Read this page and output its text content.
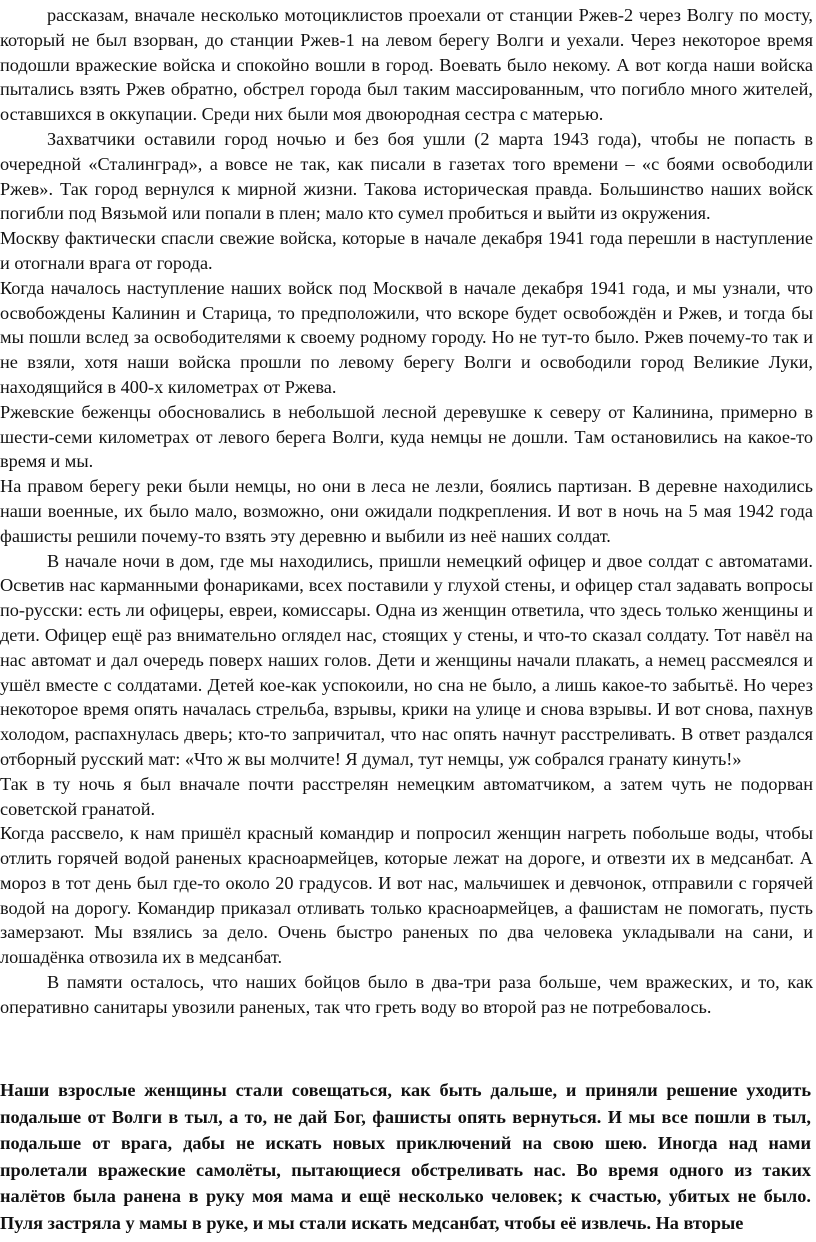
рассказам, вначале несколько мотоциклистов проехали от станции Ржев-2 через Волгу по мосту, который не был взорван, до станции Ржев-1 на левом берегу Волги и уехали. Через некоторое время подошли вражеские войска и спокойно вошли в город. Воевать было некому. А вот когда наши войска пытались взять Ржев обратно, обстрел города был таким массированным, что погибло много жителей, оставшихся в оккупации. Среди них были моя двоюродная сестра с матерью.

Захватчики оставили город ночью и без боя ушли (2 марта 1943 года), чтобы не попасть в очередной «Сталинград», а вовсе не так, как писали в газетах того времени – «с боями освободили Ржев». Так город вернулся к мирной жизни. Такова историческая правда. Большинство наших войск погибли под Вязьмой или попали в плен; мало кто сумел пробиться и выйти из окружения.

Москву фактически спасли свежие войска, которые в начале декабря 1941 года перешли в наступление и отогнали врага от города.

Когда началось наступление наших войск под Москвой в начале декабря 1941 года, и мы узнали, что освобождены Калинин и Старица, то предположили, что вскоре будет освобождён и Ржев, и тогда бы мы пошли вслед за освободителями к своему родному городу. Но не тут-то было. Ржев почему-то так и не взяли, хотя наши войска прошли по левому берегу Волги и освободили город Великие Луки, находящийся в 400-х километрах от Ржева.

Ржевские беженцы обосновались в небольшой лесной деревушке к северу от Калинина, примерно в шести-семи километрах от левого берега Волги, куда немцы не дошли. Там остановились на какое-то время и мы.

На правом берегу реки были немцы, но они в леса не лезли, боялись партизан. В деревне находились наши военные, их было мало, возможно, они ожидали подкрепления. И вот в ночь на 5 мая 1942 года фашисты решили почему-то взять эту деревню и выбили из неё наших солдат.

В начале ночи в дом, где мы находились, пришли немецкий офицер и двое солдат с автоматами. Осветив нас карманными фонариками, всех поставили у глухой стены, и офицер стал задавать вопросы по-русски: есть ли офицеры, евреи, комиссары. Одна из женщин ответила, что здесь только женщины и дети. Офицер ещё раз внимательно оглядел нас, стоящих у стены, и что-то сказал солдату. Тот навёл на нас автомат и дал очередь поверх наших голов. Дети и женщины начали плакать, а немец рассмеялся и ушёл вместе с солдатами. Детей кое-как успокоили, но сна не было, а лишь какое-то забытьё. Но через некоторое время опять началась стрельба, взрывы, крики на улице и снова взрывы. И вот снова, пахнув холодом, распахнулась дверь; кто-то запричитал, что нас опять начнут расстреливать. В ответ раздался отборный русский мат: «Что ж вы молчите! Я думал, тут немцы, уж собрался гранату кинуть!»

Так в ту ночь я был вначале почти расстрелян немецким автоматчиком, а затем чуть не подорван советской гранатой.

Когда рассвело, к нам пришёл красный командир и попросил женщин нагреть побольше воды, чтобы отлить горячей водой раненых красноармейцев, которые лежат на дороге, и отвезти их в медсанбат. А мороз в тот день был где-то около 20 градусов. И вот нас, мальчишек и девчонок, отправили с горячей водой на дорогу. Командир приказал отливать только красноармейцев, а фашистам не помогать, пусть замерзают. Мы взялись за дело. Очень быстро раненых по два человека укладывали на сани, и лошадёнка отвозила их в медсанбат.

В памяти осталось, что наших бойцов было в два-три раза больше, чем вражеских, и то, как оперативно санитары увозили раненых, так что греть воду во второй раз не потребовалось.

Наши взрослые женщины стали совещаться, как быть дальше, и приняли решение уходить подальше от Волги в тыл, а то, не дай Бог, фашисты опять вернуться. И мы все пошли в тыл, подальше от врага, дабы не искать новых приключений на свою шею. Иногда над нами пролетали вражеские самолёты, пытающиеся обстреливать нас. Во время одного из таких налётов была ранена в руку моя мама и ещё несколько человек; к счастью, убитых не было. Пуля застряла у мамы в руке, и мы стали искать медсанбат, чтобы её извлечь. На вторые
